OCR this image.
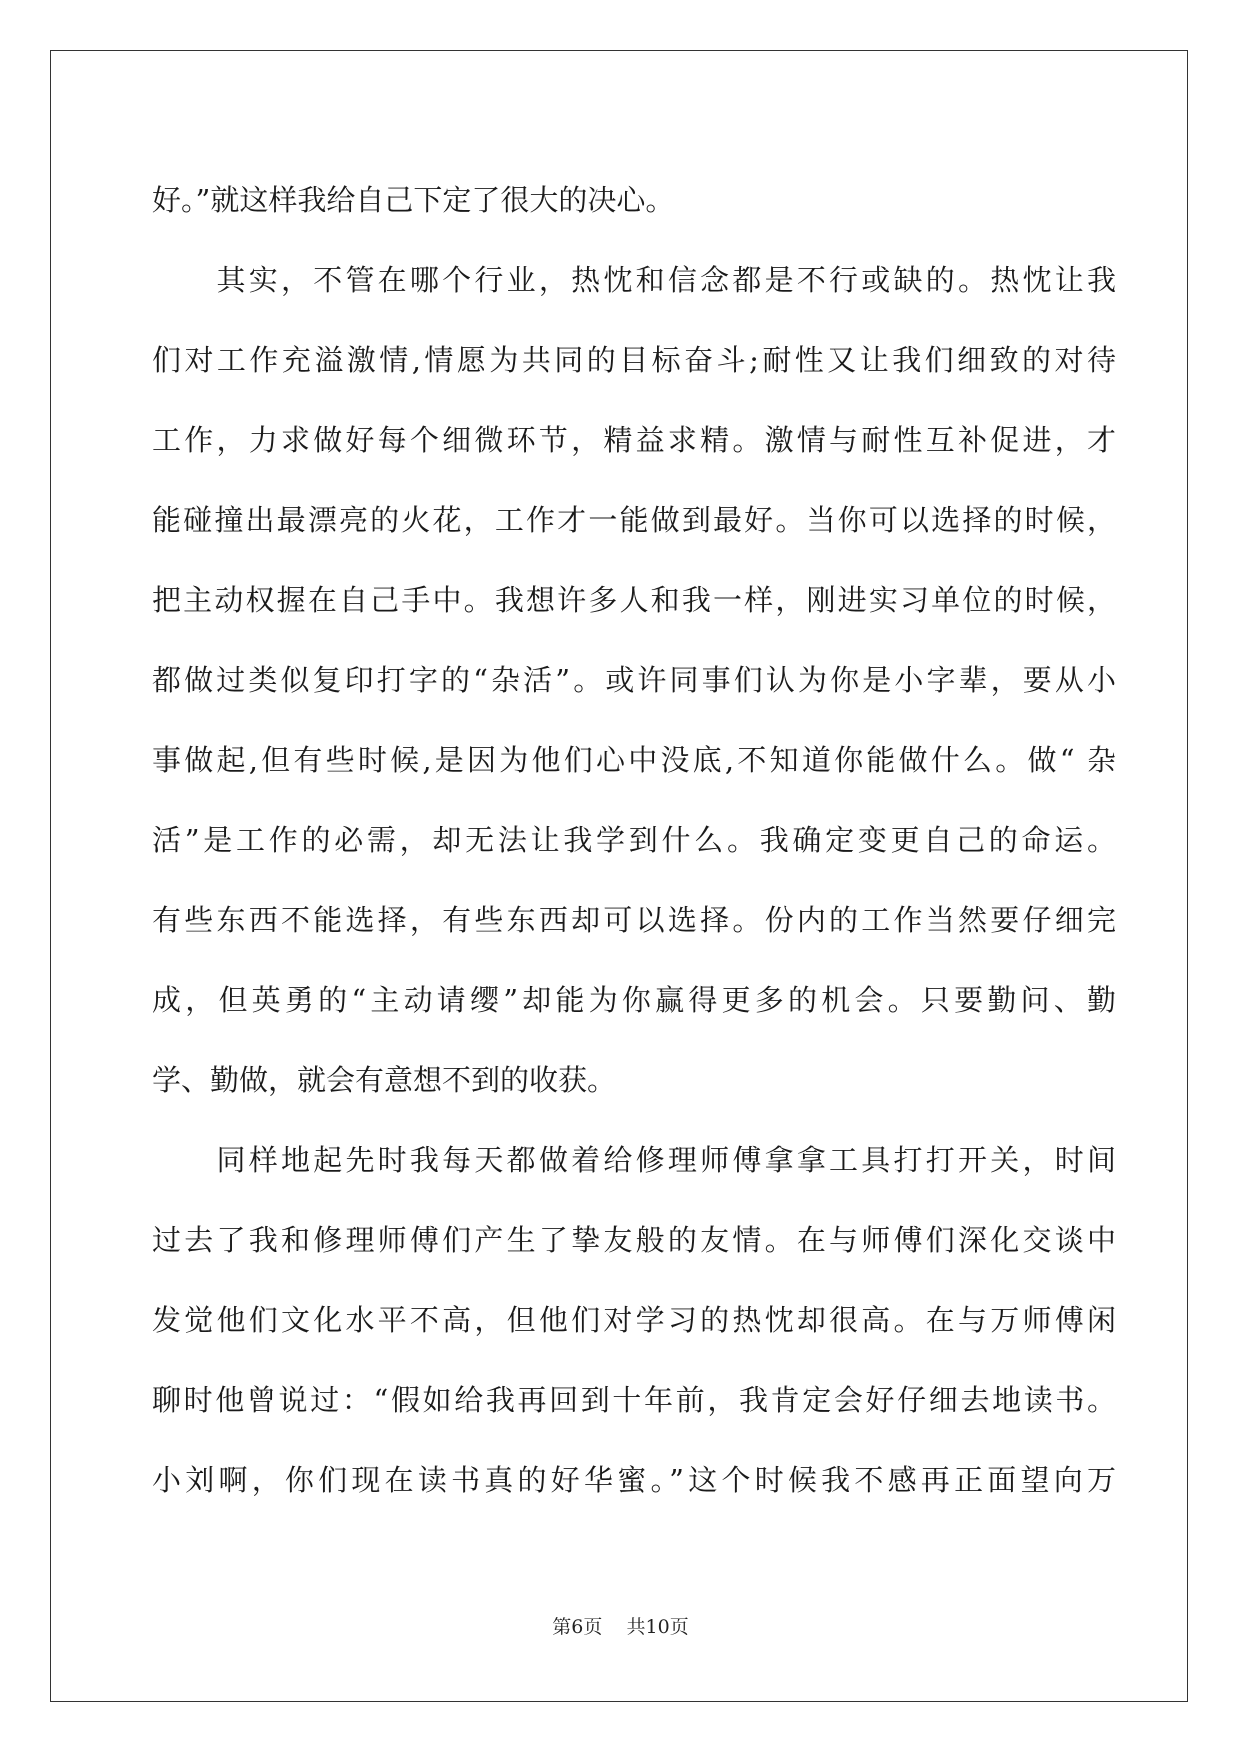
好。”就这样我给自己下定了很大的决心。
　　其实，不管在哪个行业，热忱和信念都是不行或缺的。热忱让我
们对工作充溢激情,情愿为共同的目标奋斗;耐性又让我们细致的对待
工作，力求做好每个细微环节，精益求精。激情与耐性互补促进，才
能碰撞出最漂亮的火花，工作才一能做到最好。当你可以选择的时候，
把主动权握在自己手中。我想许多人和我一样，刚进实习单位的时候，
都做过类似复印打字的“杂活”。或许同事们认为你是小字辈，要从小
事做起,但有些时候,是因为他们心中没底,不知道你能做什么。做“ 杂
活”是工作的必需，却无法让我学到什么。我确定变更自己的命运。
有些东西不能选择，有些东西却可以选择。份内的工作当然要仔细完
成，但英勇的“主动请缨”却能为你赢得更多的机会。只要勤问、勤
学、勤做，就会有意想不到的收获。
　　同样地起先时我每天都做着给修理师傅拿拿工具打打开关，时间
过去了我和修理师傅们产生了挚友般的友情。在与师傅们深化交谈中
发觉他们文化水平不高，但他们对学习的热忱却很高。在与万师傅闲
聊时他曾说过：“假如给我再回到十年前，我肯定会好仔细去地读书。
小刘啊，你们现在读书真的好华蜜。”这个时候我不感再正面望向万
第6页 共10页
